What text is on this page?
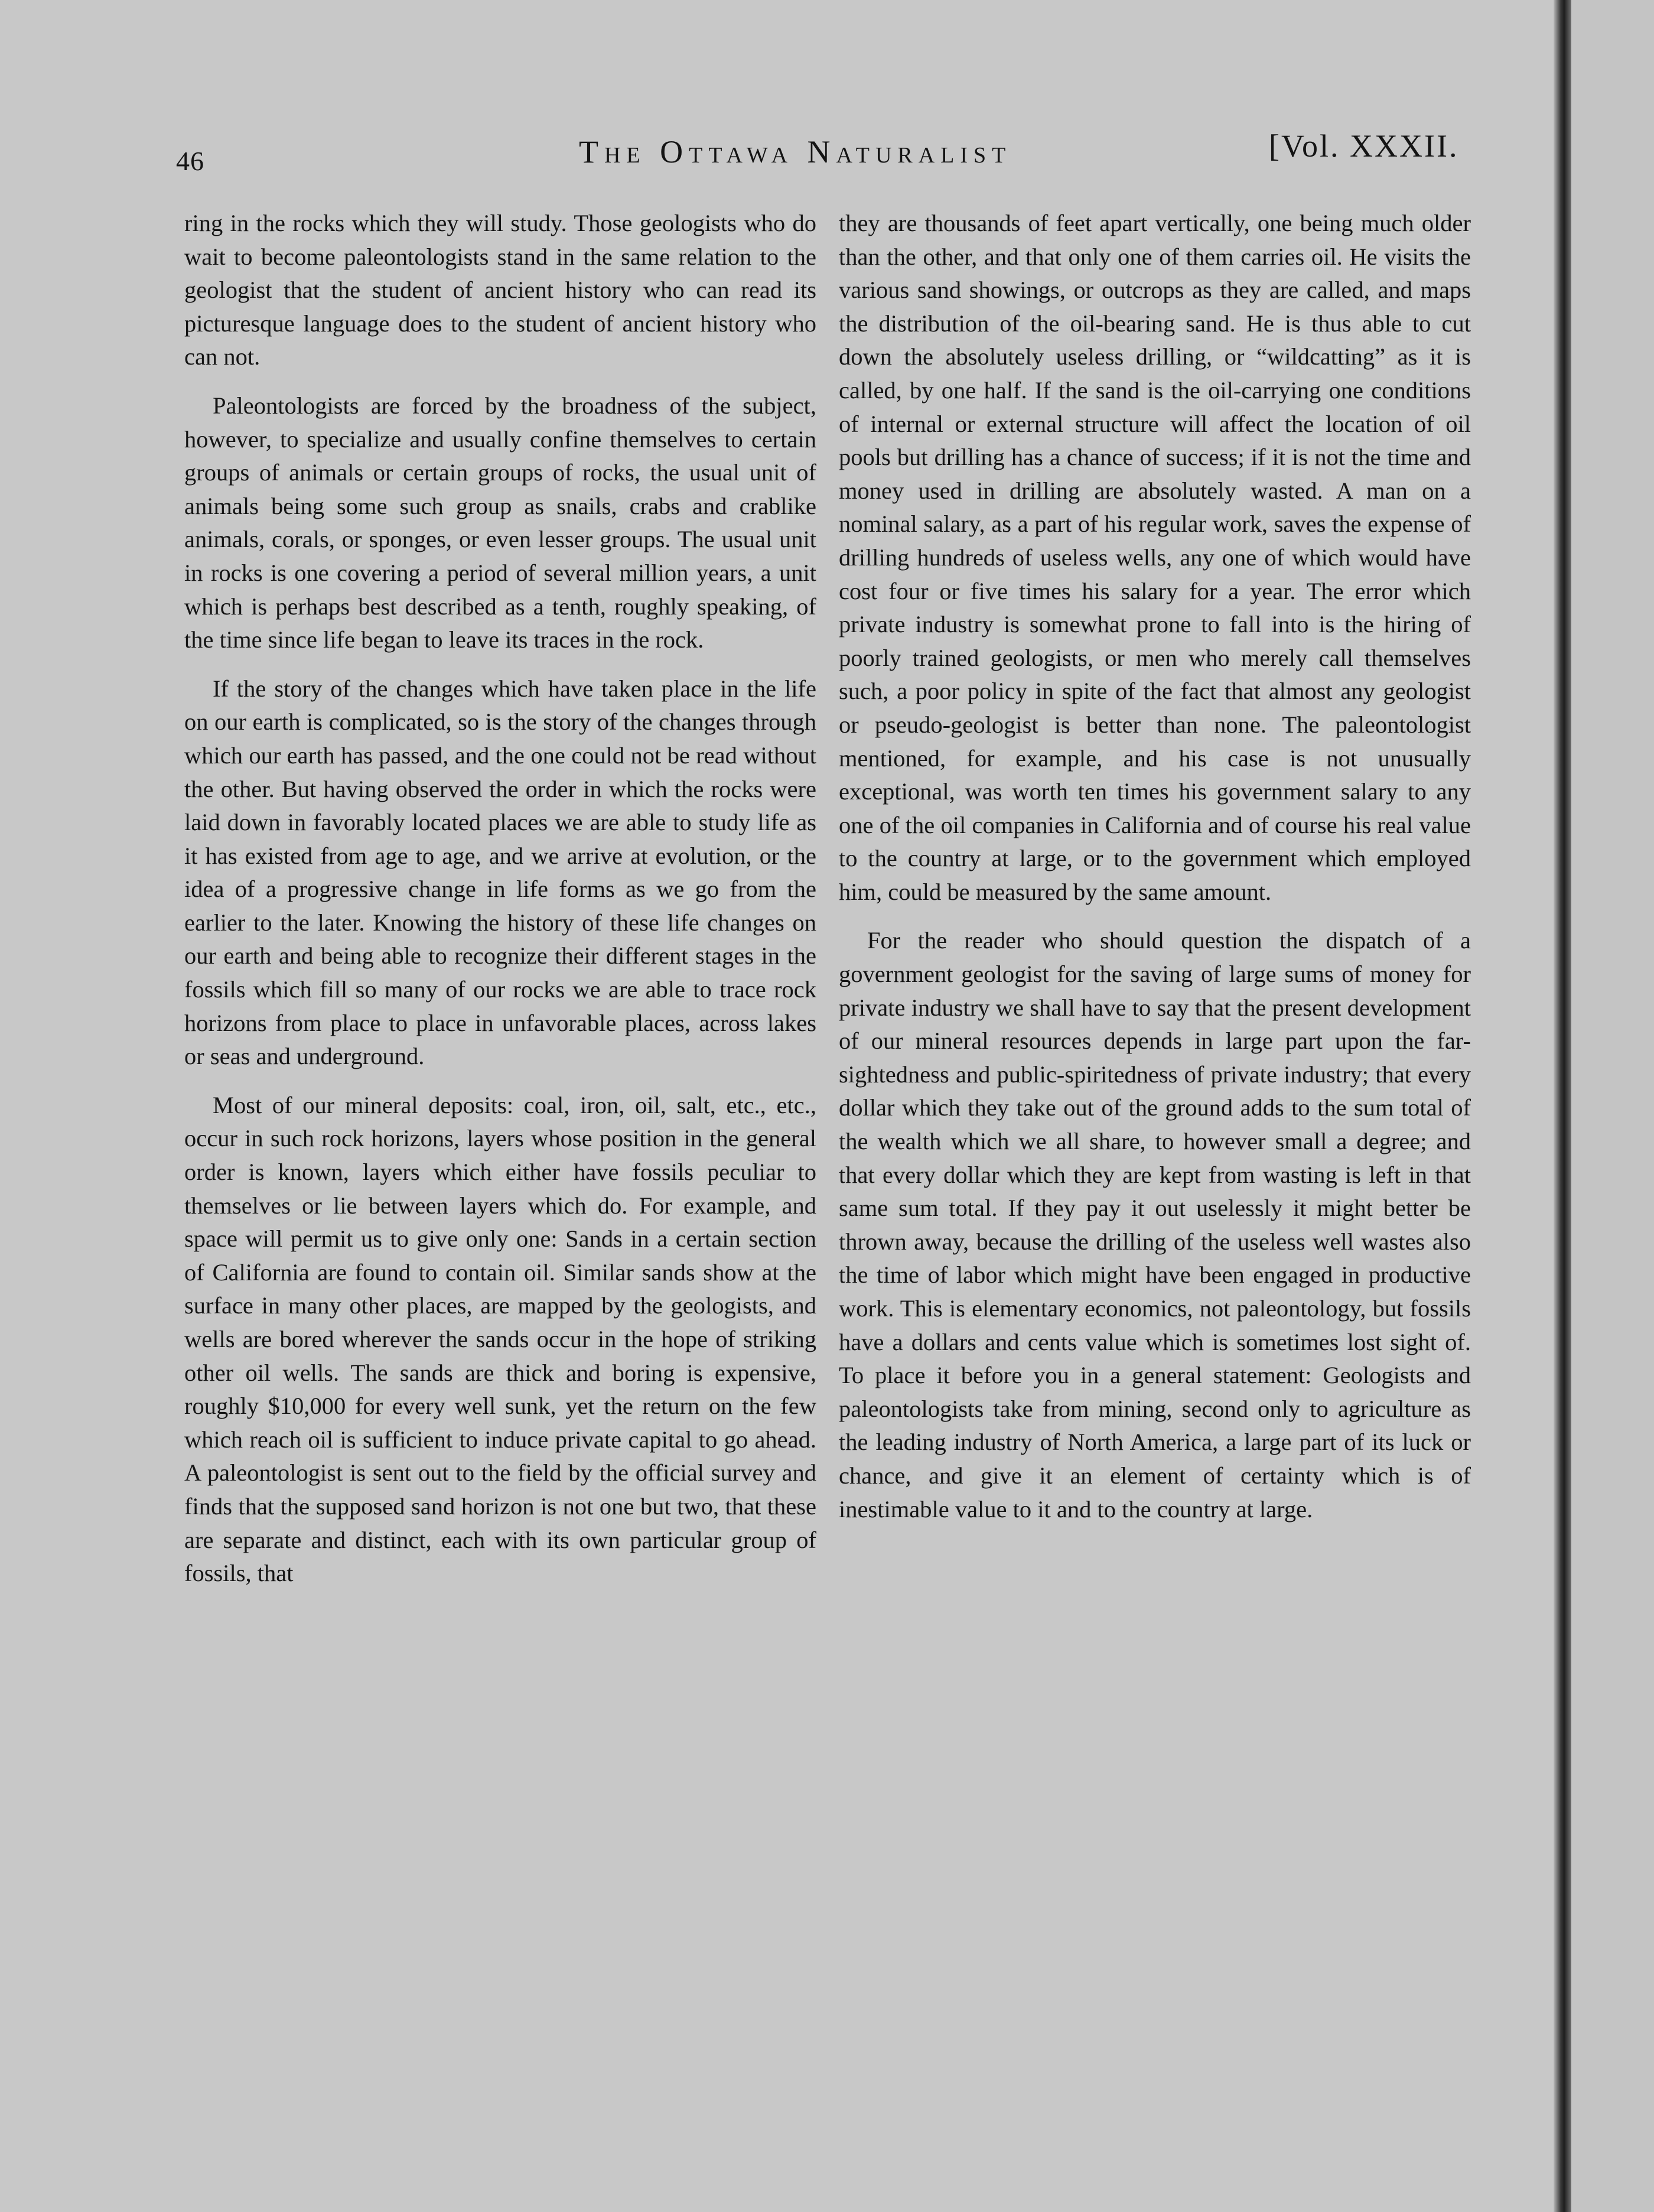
46	The Ottawa Naturalist	[Vol. XXXII.

ring in the rocks which they will study. Those geologists who do wait to become paleontologists stand in the same relation to the geologist that the student of ancient history who can read its picturesque language does to the student of ancient history who can not.

Paleontologists are forced by the broadness of the subject, however, to specialize and usually confine themselves to certain groups of animals or certain groups of rocks, the usual unit of animals being some such group as snails, crabs and crablike animals, corals, or sponges, or even lesser groups. The usual unit in rocks is one covering a period of several million years, a unit which is perhaps best described as a tenth, roughly speaking, of the time since life began to leave its traces in the rock.

If the story of the changes which have taken place in the life on our earth is complicated, so is the story of the changes through which our earth has passed, and the one could not be read without the other. But having observed the order in which the rocks were laid down in favorably located places we are able to study life as it has existed from age to age, and we arrive at evolution, or the idea of a progressive change in life forms as we go from the earlier to the later. Knowing the history of these life changes on our earth and being able to recognize their different stages in the fossils which fill so many of our rocks we are able to trace rock horizons from place to place in unfavorable places, across lakes or seas and underground.

Most of our mineral deposits: coal, iron, oil, salt, etc., etc., occur in such rock horizons, layers whose position in the general order is known, layers which either have fossils peculiar to themselves or lie between layers which do. For example, and space will permit us to give only one: Sands in a certain section of California are found to contain oil. Similar sands show at the surface in many other places, are mapped by the geologists, and wells are bored wherever the sands occur in the hope of striking other oil wells. The sands are thick and boring is expensive, roughly $10,000 for every well sunk, yet the return on the few which reach oil is sufficient to induce private capital to go ahead. A paleontologist is sent out to the field by the official survey and finds that the supposed sand horizon is not one but two, that these are separate and distinct, each with its own particular group of fossils, that

they are thousands of feet apart vertically, one being much older than the other, and that only one of them carries oil. He visits the various sand showings, or outcrops as they are called, and maps the distribution of the oil-bearing sand. He is thus able to cut down the absolutely useless drilling, or “wildcatting” as it is called, by one half. If the sand is the oil-carrying one conditions of internal or external structure will affect the location of oil pools but drilling has a chance of success; if it is not the time and money used in drilling are absolutely wasted. A man on a nominal salary, as a part of his regular work, saves the expense of drilling hundreds of useless wells, any one of which would have cost four or five times his salary for a year. The error which private industry is somewhat prone to fall into is the hiring of poorly trained geologists, or men who merely call themselves such, a poor policy in spite of the fact that almost any geologist or pseudo-geologist is better than none. The paleontologist mentioned, for example, and his case is not unusually exceptional, was worth ten times his government salary to any one of the oil companies in California and of course his real value to the country at large, or to the government which employed him, could be measured by the same amount.

For the reader who should question the dispatch of a government geologist for the saving of large sums of money for private industry we shall have to say that the present development of our mineral resources depends in large part upon the far-sightedness and public-spiritedness of private industry; that every dollar which they take out of the ground adds to the sum total of the wealth which we all share, to however small a degree; and that every dollar which they are kept from wasting is left in that same sum total. If they pay it out uselessly it might better be thrown away, because the drilling of the useless well wastes also the time of labor which might have been engaged in productive work. This is elementary economics, not paleontology, but fossils have a dollars and cents value which is sometimes lost sight of. To place it before you in a general statement: Geologists and paleontologists take from mining, second only to agriculture as the leading industry of North America, a large part of its luck or chance, and give it an element of certainty which is of inestimable value to it and to the country at large.
